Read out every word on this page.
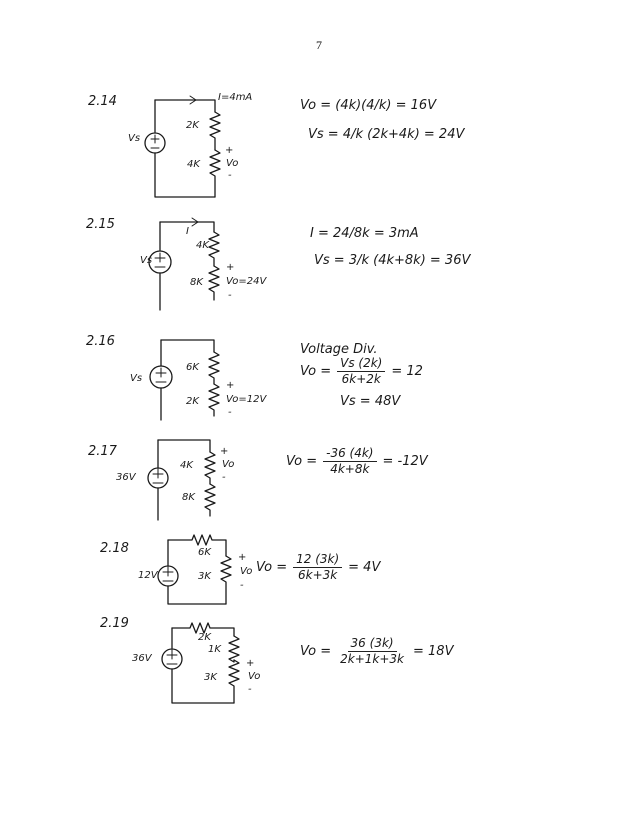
7
2.14
Vs
I=4mA
2K
4K
+
Vo
-
Vo = (4k)(4/k) = 16V
Vs = 4/k (2k+4k) = 24V
2.15
Vs
I
4K
8K
+
Vo=24V
-
I = 24/8k = 3mA
Vs = 3/k (4k+8k) = 36V
2.16
Vs
6K
2K
+
Vo=12V
-
Voltage Div.
$Vo = \frac{Vs (2k)}{6k+2k} = 12$
Vs = 48V
2.17
36V
4K
8K
+
Vo
-
$Vo = \frac{-36 (4k)}{4k+8k} = -12V$
2.18
12V
6K
3K
+
Vo
-
$Vo = \frac{12 (3k)}{6k+3k} = 4V$
2.19
36V
2K
1K
3K
+
Vo
-
$Vo = \frac{36 (3k)}{2k+1k+3k} = 18V$
